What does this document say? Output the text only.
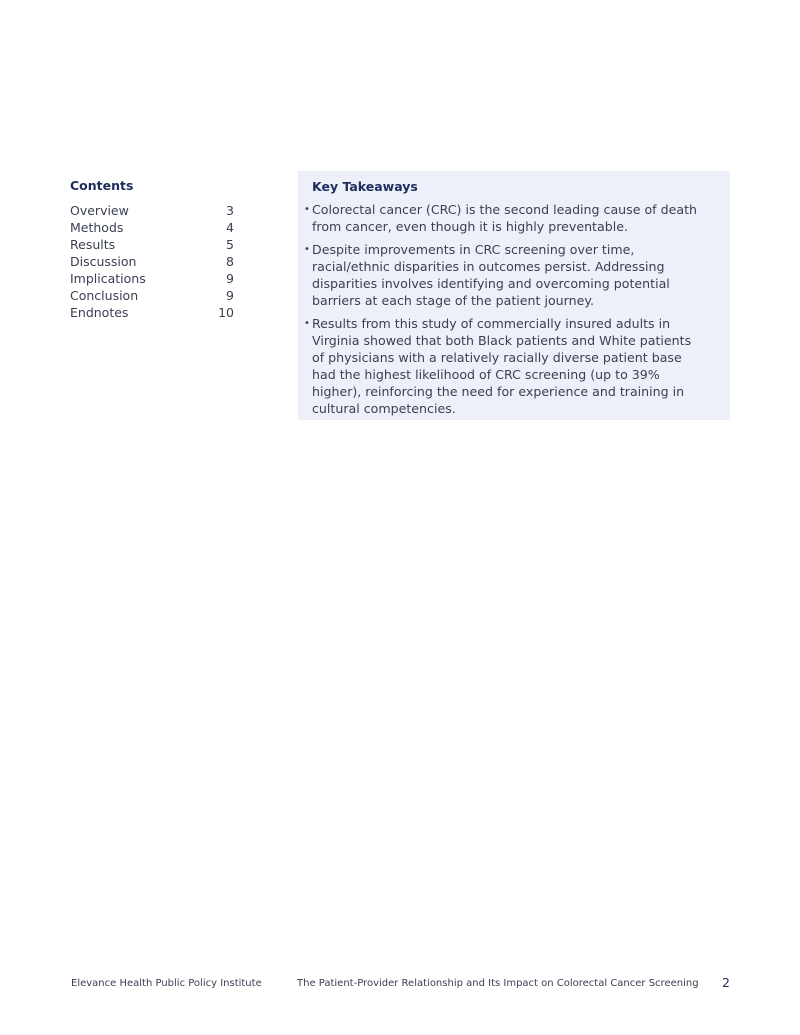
Contents
Overview	3
Methods	4
Results	5
Discussion	8
Implications	9
Conclusion	9
Endnotes	10
Key Takeaways
• Colorectal cancer (CRC) is the second leading cause of death from cancer, even though it is highly preventable.
• Despite improvements in CRC screening over time, racial/ethnic disparities in outcomes persist. Addressing disparities involves identifying and overcoming potential barriers at each stage of the patient journey.
• Results from this study of commercially insured adults in Virginia showed that both Black patients and White patients of physicians with a relatively racially diverse patient base had the highest likelihood of CRC screening (up to 39% higher), reinforcing the need for experience and training in cultural competencies.
Elevance Health Public Policy Institute	The Patient-Provider Relationship and Its Impact on Colorectal Cancer Screening 2
